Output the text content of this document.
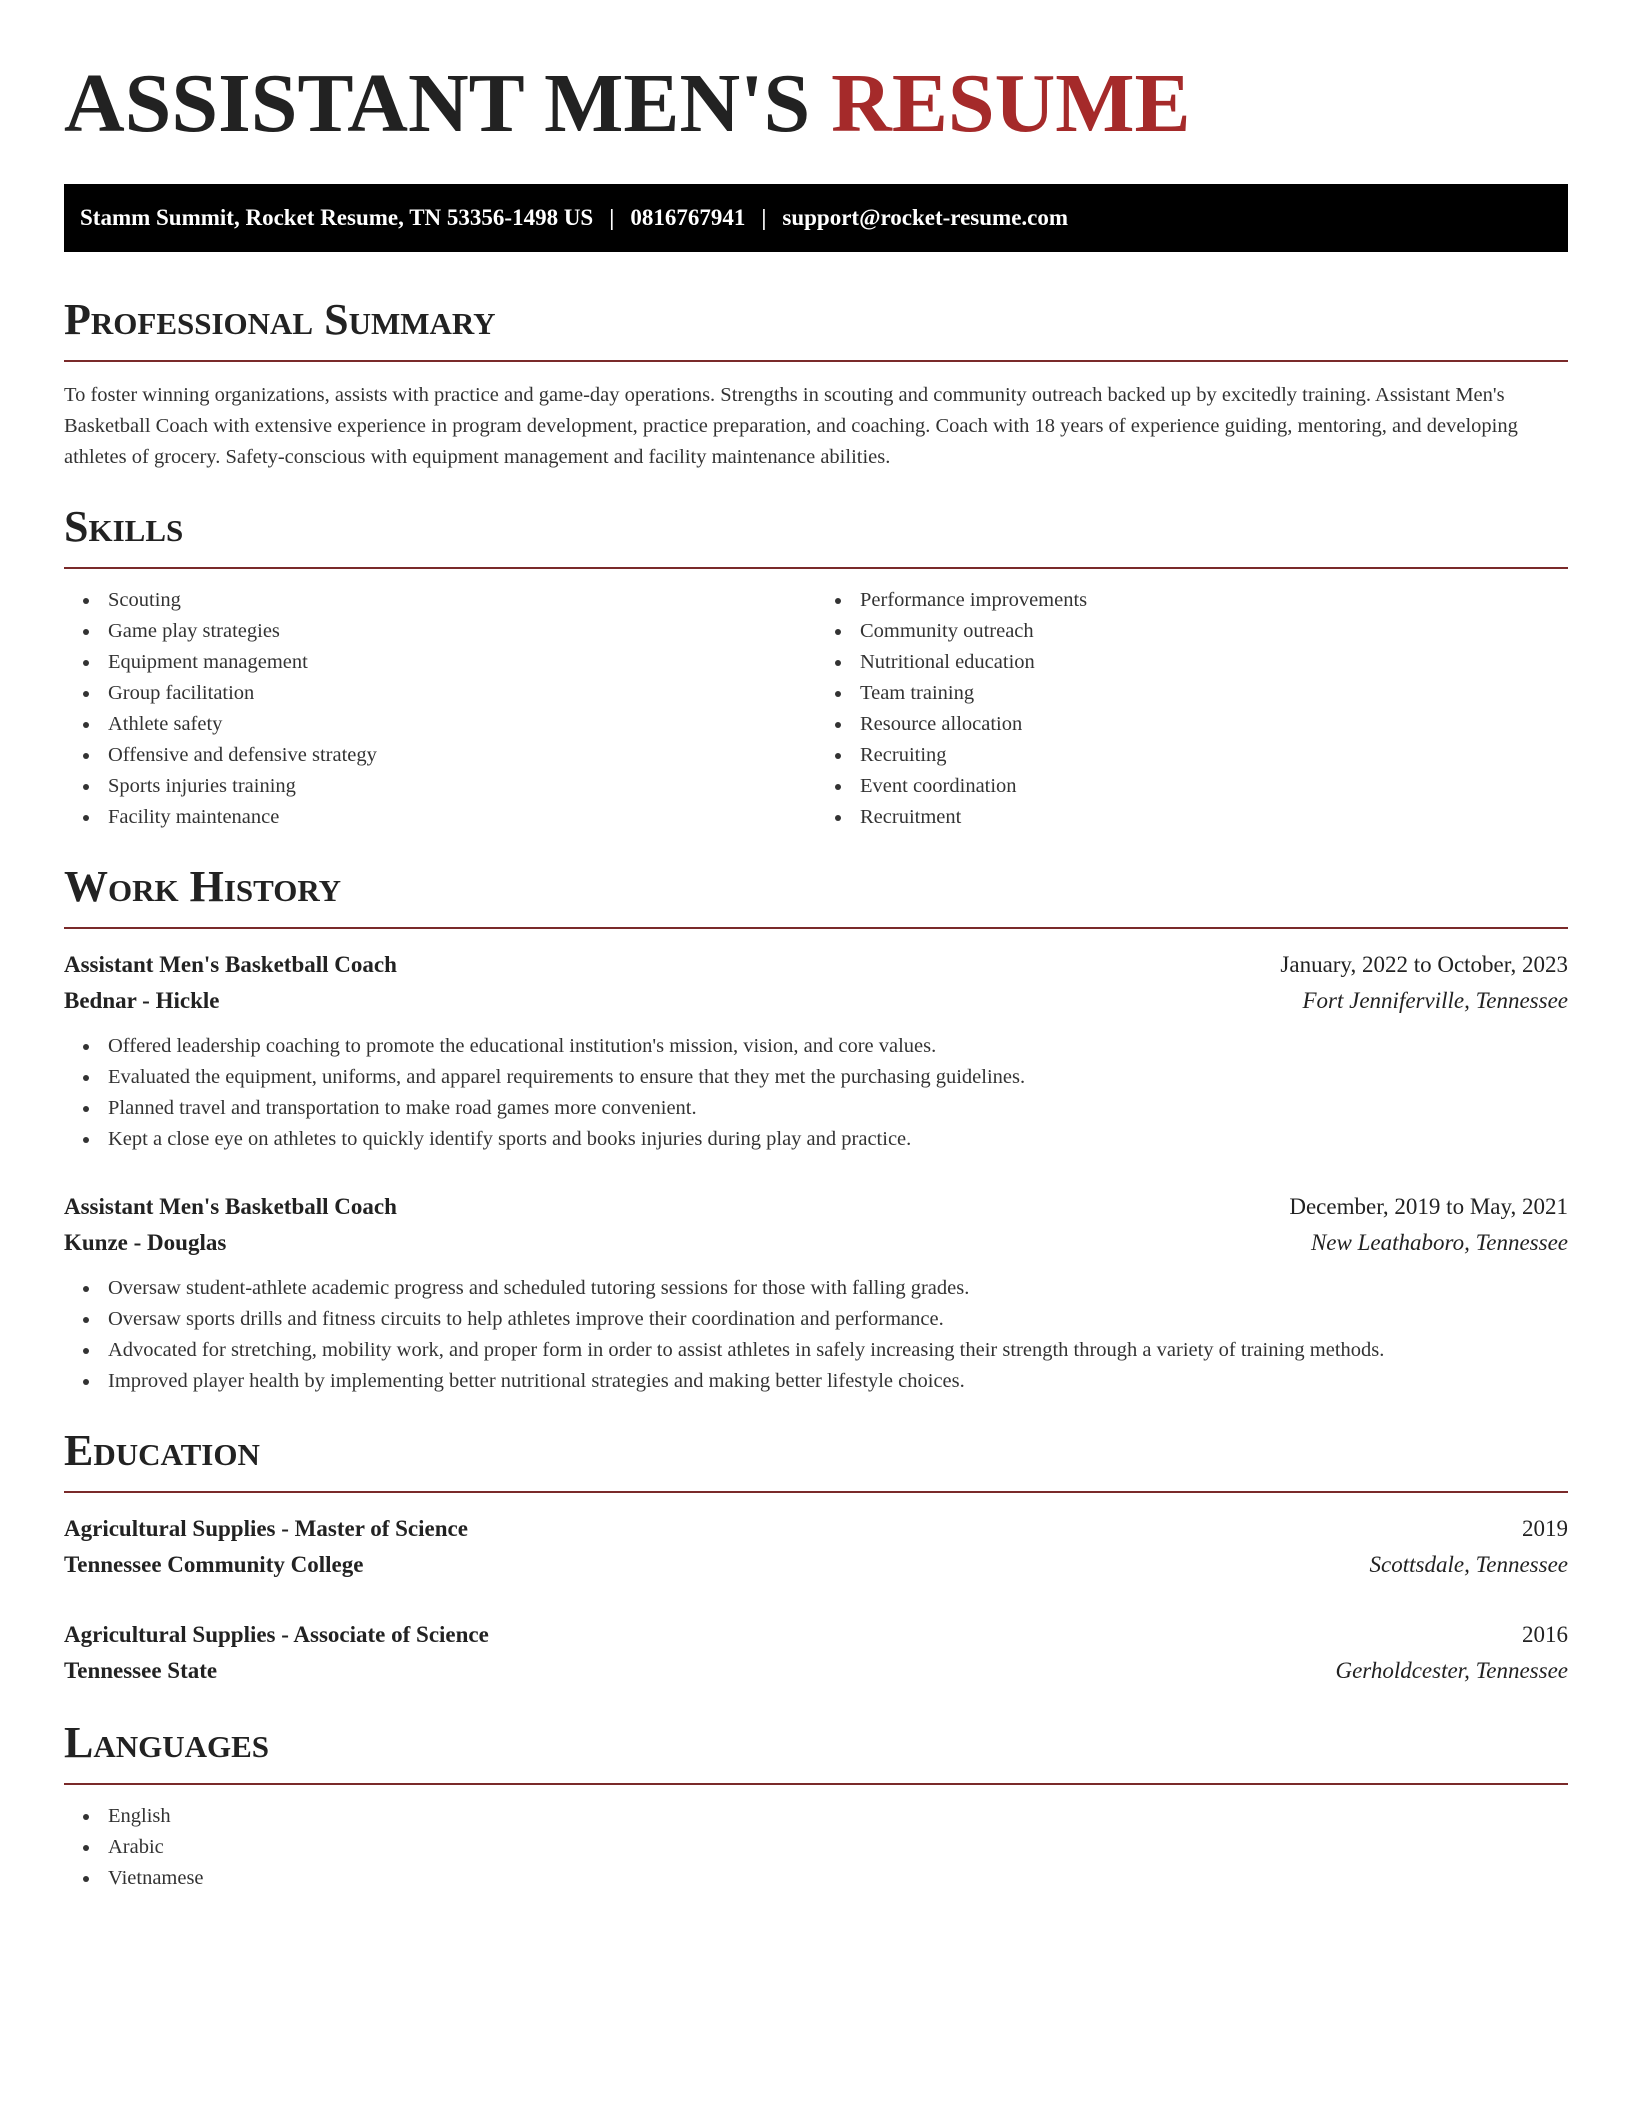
ASSISTANT MEN'S RESUME
Stamm Summit, Rocket Resume, TN 53356-1498 US | 0816767941 | support@rocket-resume.com
Professional Summary

To foster winning organizations, assists with practice and game-day operations. Strengths in scouting and community outreach backed up by excitedly training. Assistant Men's Basketball Coach with extensive experience in program development, practice preparation, and coaching. Coach with 18 years of experience guiding, mentoring, and developing athletes of grocery. Safety-conscious with equipment management and facility maintenance abilities.

Skills
Scouting
Game play strategies
Equipment management
Group facilitation
Athlete safety
Offensive and defensive strategy
Sports injuries training
Facility maintenance
Performance improvements
Community outreach
Nutritional education
Team training
Resource allocation
Recruiting
Event coordination
Recruitment
Work History
Assistant Men's Basketball Coach	January, 2022 to October, 2023
Bednar - Hickle	Fort Jenniferville, Tennessee
Offered leadership coaching to promote the educational institution's mission, vision, and core values.
Evaluated the equipment, uniforms, and apparel requirements to ensure that they met the purchasing guidelines.
Planned travel and transportation to make road games more convenient.
Kept a close eye on athletes to quickly identify sports and books injuries during play and practice.
Assistant Men's Basketball Coach	December, 2019 to May, 2021
Kunze - Douglas	New Leathaboro, Tennessee
Oversaw student-athlete academic progress and scheduled tutoring sessions for those with falling grades.
Oversaw sports drills and fitness circuits to help athletes improve their coordination and performance.
Advocated for stretching, mobility work, and proper form in order to assist athletes in safely increasing their strength through a variety of training methods.
Improved player health by implementing better nutritional strategies and making better lifestyle choices.
Education
Agricultural Supplies - Master of Science	2019
Tennessee Community College	Scottsdale, Tennessee
Agricultural Supplies - Associate of Science	2016
Tennessee State	Gerholdcester, Tennessee
Languages
English
Arabic
Vietnamese
